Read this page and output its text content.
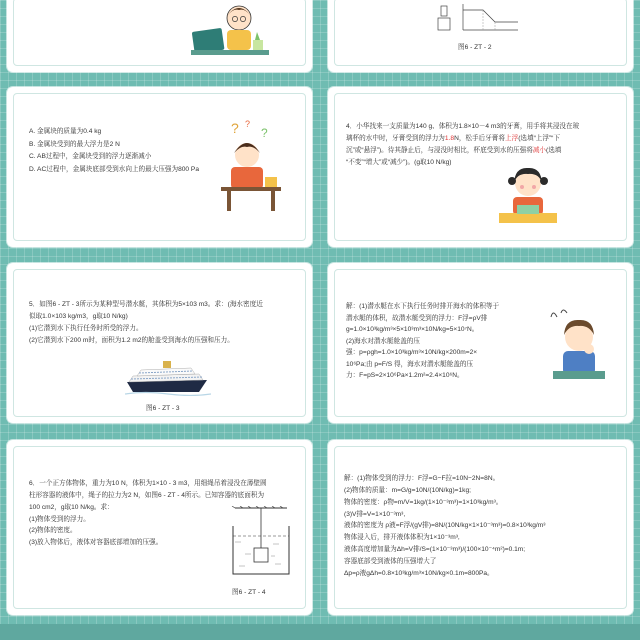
图6 - ZT - 2

A. 金属块的质量为0.4 kg

B. 金属块受到的最大浮力是2 N

C. AB过程中，金属块受到的浮力逐渐减小

D. AC过程中，金属块底部受到水向上的最大压强为800 Pa

? ?
?	4．小华找来一支质量为140 g、体积为1.8×10－4 m3的牙膏，用手将其浸没在玻

璃杯的水中时，牙膏受到的浮力为1.8N，松手后牙膏将上浮(选填“上浮”“下

沉”或“悬浮”)。待其静止后，与浸没时相比，杯底受到水的压强将减小(选填

“不变”“增大”或“减少”)。(g取10 N/kg)

5．如图6 - ZT - 3所示为某种型号潜水艇，其体积为5×103 m3。求：(海水密度近

似取1.0×103 kg/m3，g取10 N/kg)

(1)它潜到水下执行任务时所受的浮力。

(2)它潜到水下200 m时，面积为1.2 m2的舱盖受到海水的压强和压力。

图6 - ZT - 3

解：(1)潜水艇在水下执行任务时排开海水的体积等于

潜水艇的体积，故潜水艇受到的浮力：F浮=ρV排

g=1.0×10³kg/m³×5×10³m³×10N/kg=5×10⁷N。

(2)海水对潜水艇舱盖的压

强：p=ρgh=1.0×10³kg/m³×10N/kg×200m=2×

10⁶Pa;由 p=F/S 得，海水对潜水艇舱盖的压

力：F=pS=2×10⁶Pa×1.2m²=2.4×10⁶N。

6．一个正方体物体，重力为10 N，体积为1×10 - 3 m3，用细绳吊着浸没在薄壁圆

柱形容器的液体中，绳子的拉力为2 N，如图6 - ZT - 4所示。已知容器的底面积为

100 cm2，g取10 N/kg。求：

(1)物体受到的浮力。

(2)物体的密度。

(3)放入物体后，液体对容器底部增加的压强。

图6 - ZT - 4

解：(1)物体受到的浮力：F浮=G−F拉=10N−2N=8N。

(2)物体的质量：m=G/g=10N/(10N/kg)=1kg;

物体的密度：ρ物=m/V=1kg/(1×10⁻³m³)=1×10³kg/m³。

(3)V排=V=1×10⁻³m³,

液体的密度为 ρ液=F浮/(gV排)=8N/(10N/kg×1×10⁻³m³)=0.8×10³kg/m³

物体浸入后，排开液体体积为1×10⁻³m³,

液体高度增加量为Δh=V排/S=(1×10⁻³m³)/(100×10⁻⁴m²)=0.1m;

容器底部受到液体的压强增大了

Δp=ρ液gΔh=0.8×10³kg/m³×10N/kg×0.1m=800Pa。
